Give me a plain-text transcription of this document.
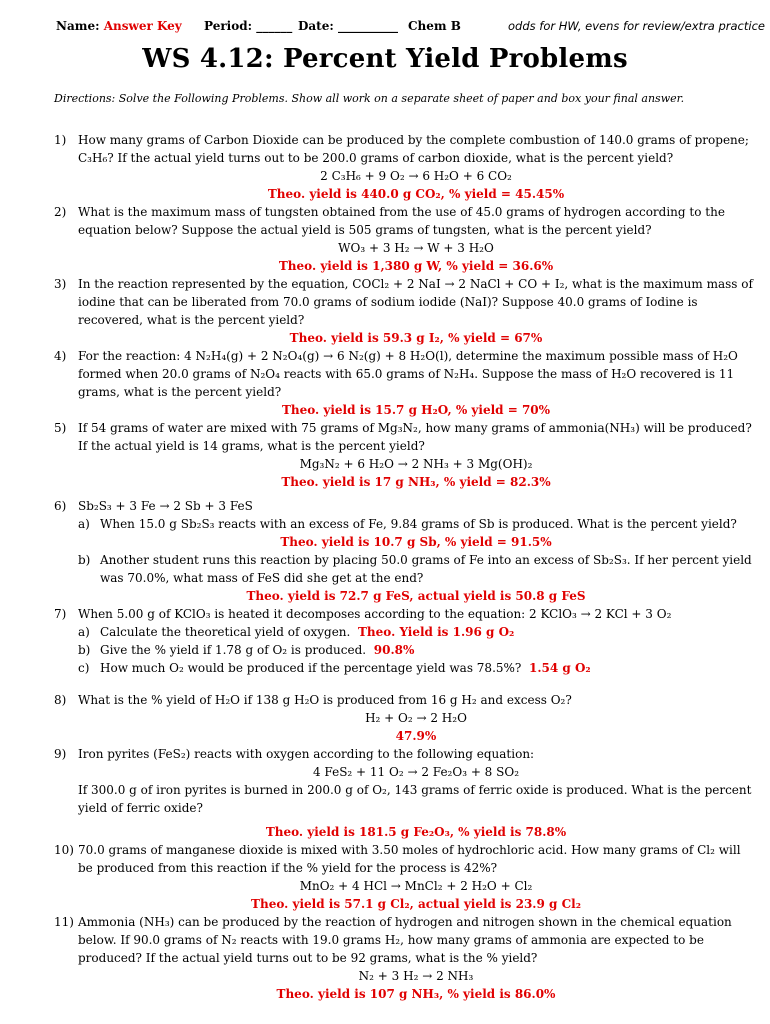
Name: Answer Key Period: ______ Date: __________ Chem B	odds for HW, evens for review/extra practice
WS 4.12: Percent Yield Problems
Directions: Solve the Following Problems. Show all work on a separate sheet of paper and box your final answer.
1) How many grams of Carbon Dioxide can be produced by the complete combustion of 140.0 grams of propene; C₃H₆? If the actual yield turns out to be 200.0 grams of carbon dioxide, what is the percent yield?
2 C₃H₆ + 9 O₂ → 6 H₂O + 6 CO₂
Theo. yield is 440.0 g CO₂, % yield = 45.45%
2) What is the maximum mass of tungsten obtained from the use of 45.0 grams of hydrogen according to the equation below? Suppose the actual yield is 505 grams of tungsten, what is the percent yield?
WO₃ + 3 H₂ → W + 3 H₂O
Theo. yield is 1,380 g W, % yield = 36.6%
3) In the reaction represented by the equation, COCl₂ + 2 NaI → 2 NaCl + CO + I₂, what is the maximum mass of iodine that can be liberated from 70.0 grams of sodium iodide (NaI)? Suppose 40.0 grams of Iodine is recovered, what is the percent yield?
Theo. yield is 59.3 g I₂, % yield = 67%
4) For the reaction: 4 N₂H₄(g) + 2 N₂O₄(g) → 6 N₂(g) + 8 H₂O(l), determine the maximum possible mass of H₂O formed when 20.0 grams of N₂O₄ reacts with 65.0 grams of N₂H₄. Suppose the mass of H₂O recovered is 11 grams, what is the percent yield?
Theo. yield is 15.7 g H₂O, % yield = 70%
5) If 54 grams of water are mixed with 75 grams of Mg₃N₂, how many grams of ammonia(NH₃) will be produced? If the actual yield is 14 grams, what is the percent yield?
Mg₃N₂ + 6 H₂O → 2 NH₃ + 3 Mg(OH)₂
Theo. yield is 17 g NH₃, % yield = 82.3%
6) Sb₂S₃ + 3 Fe → 2 Sb + 3 FeS
a) When 15.0 g Sb₂S₃ reacts with an excess of Fe, 9.84 grams of Sb is produced. What is the percent yield?
Theo. yield is 10.7 g Sb, % yield = 91.5%
b) Another student runs this reaction by placing 50.0 grams of Fe into an excess of Sb₂S₃. If her percent yield was 70.0%, what mass of FeS did she get at the end?
Theo. yield is 72.7 g FeS, actual yield is 50.8 g FeS
7) When 5.00 g of KClO₃ is heated it decomposes according to the equation: 2 KClO₃ → 2 KCl + 3 O₂
a) Calculate the theoretical yield of oxygen. Theo. Yield is 1.96 g O₂
b) Give the % yield if 1.78 g of O₂ is produced. 90.8%
c) How much O₂ would be produced if the percentage yield was 78.5%? 1.54 g O₂
8) What is the % yield of H₂O if 138 g H₂O is produced from 16 g H₂ and excess O₂?
H₂ + O₂ → 2 H₂O
47.9%
9) Iron pyrites (FeS₂) reacts with oxygen according to the following equation:
4 FeS₂ + 11 O₂ → 2 Fe₂O₃ + 8 SO₂
If 300.0 g of iron pyrites is burned in 200.0 g of O₂, 143 grams of ferric oxide is produced. What is the percent yield of ferric oxide?
Theo. yield is 181.5 g Fe₂O₃, % yield is 78.8%
10) 70.0 grams of manganese dioxide is mixed with 3.50 moles of hydrochloric acid. How many grams of Cl₂ will be produced from this reaction if the % yield for the process is 42%?
MnO₂ + 4 HCl → MnCl₂ + 2 H₂O + Cl₂
Theo. yield is 57.1 g Cl₂, actual yield is 23.9 g Cl₂
11) Ammonia (NH₃) can be produced by the reaction of hydrogen and nitrogen shown in the chemical equation below. If 90.0 grams of N₂ reacts with 19.0 grams H₂, how many grams of ammonia are expected to be produced? If the actual yield turns out to be 92 grams, what is the % yield?
N₂ + 3 H₂ → 2 NH₃
Theo. yield is 107 g NH₃, % yield is 86.0%
